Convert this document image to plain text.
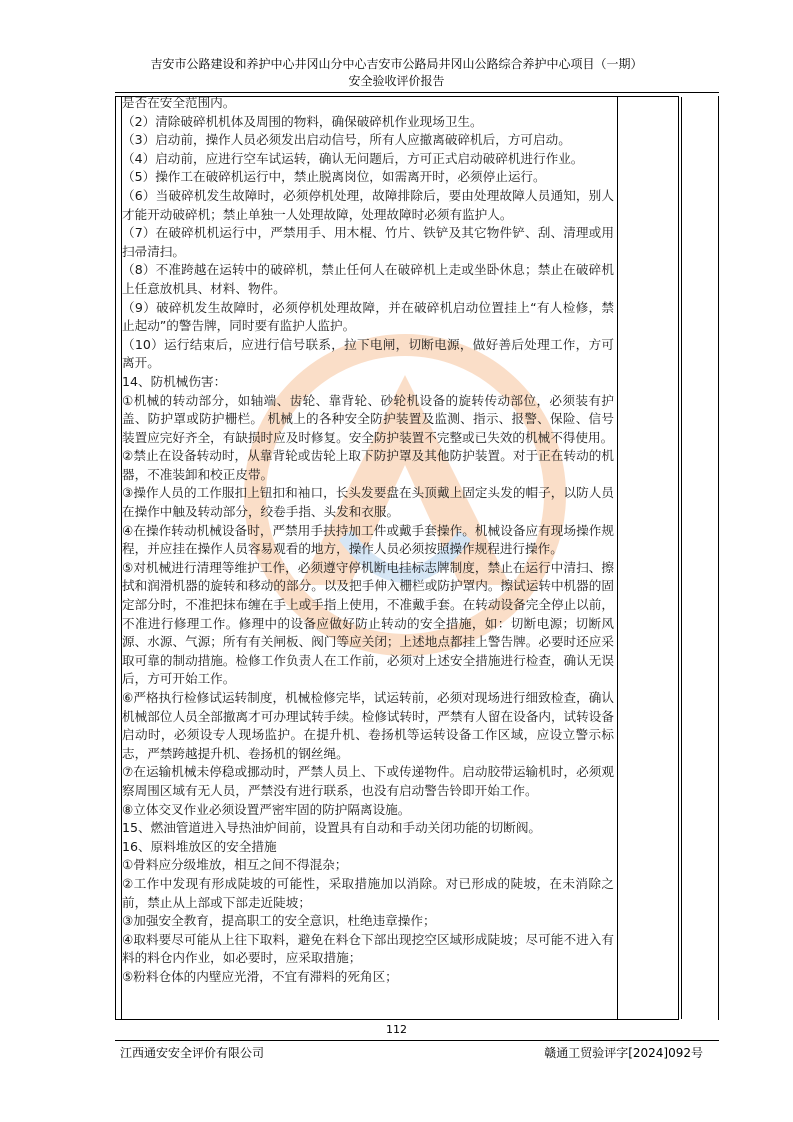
吉安市公路建设和养护中心井冈山分中心吉安市公路局井冈山公路综合养护中心项目（一期）
安全验收评价报告

是否在安全范围内。

（2）清除破碎机机体及周围的物料，确保破碎机作业现场卫生。

（3）启动前，操作人员必须发出启动信号，所有人应撤离破碎机后，方可启动。

（4）启动前，应进行空车试运转，确认无问题后，方可正式启动破碎机进行作业。

（5）操作工在破碎机运行中，禁止脱离岗位，如需离开时，必须停止运行。

（6）当破碎机发生故障时，必须停机处理，故障排除后，要由处理故障人员通知，别人才能开动破碎机；禁止单独一人处理故障，处理故障时必须有监护人。

（7）在破碎机机运行中，严禁用手、用木棍、竹片、铁铲及其它物件铲、刮、清理或用扫帚清扫。

（8）不准跨越在运转中的破碎机，禁止任何人在破碎机上走或坐卧休息；禁止在破碎机上任意放机具、材料、物件。

（9）破碎机发生故障时，必须停机处理故障，并在破碎机启动位置挂上“有人检修，禁止起动”的警告牌，同时要有监护人监护。

（10）运行结束后，应进行信号联系，拉下电闸，切断电源，做好善后处理工作，方可离开。

14、防机械伤害：

①机械的转动部分，如轴端、齿轮、靠背轮、砂轮机设备的旋转传动部位，必须装有护盖、防护罩或防护栅栏。 机械上的各种安全防护装置及监测、指示、报警、保险、信号装置应完好齐全，有缺损时应及时修复。安全防护装置不完整或已失效的机械不得使用。

②禁止在设备转动时，从靠背轮或齿轮上取下防护罩及其他防护装置。对于正在转动的机器，不准装卸和校正皮带。

③操作人员的工作服扣上钮扣和袖口，长头发要盘在头顶戴上固定头发的帽子，以防人员在操作中触及转动部分，绞卷手指、头发和衣服。

④在操作转动机械设备时，严禁用手扶持加工件或戴手套操作。机械设备应有现场操作规程，并应挂在操作人员容易观看的地方，操作人员必须按照操作规程进行操作。

⑤对机械进行清理等维护工作，必须遵守停机断电挂标志牌制度，禁止在运行中清扫、擦拭和润滑机器的旋转和移动的部分。以及把手伸入栅栏或防护罩内。擦试运转中机器的固定部分时，不准把抹布缠在手上或手指上使用，不准戴手套。在转动设备完全停止以前，不准进行修理工作。修理中的设备应做好防止转动的安全措施，如：切断电源；切断风源、水源、气源；所有有关闸板、阀门等应关闭；上述地点都挂上警告牌。必要时还应采取可靠的制动措施。检修工作负责人在工作前，必须对上述安全措施进行检查，确认无误后，方可开始工作。

⑥严格执行检修试运转制度，机械检修完毕，试运转前，必须对现场进行细致检查，确认机械部位人员全部撤离才可办理试转手续。检修试转时，严禁有人留在设备内，试转设备启动时，必须设专人现场监护。在提升机、卷扬机等运转设备工作区域，应设立警示标志，严禁跨越提升机、卷扬机的钢丝绳。

⑦在运输机械未停稳或挪动时，严禁人员上、下或传递物件。启动胶带运输机时，必须观察周围区域有无人员，严禁没有进行联系，也没有启动警告铃即开始工作。

⑧立体交叉作业必须设置严密牢固的防护隔离设施。

15、燃油管道进入导热油炉间前，设置具有自动和手动关闭功能的切断阀。

16、原料堆放区的安全措施

①骨料应分级堆放，相互之间不得混杂；

②工作中发现有形成陡坡的可能性，采取措施加以消除。对已形成的陡坡，在未消除之前，禁止从上部或下部走近陡坡；

③加强安全教育，提高职工的安全意识，杜绝违章操作；

④取料要尽可能从上往下取料，避免在料仓下部出现挖空区域形成陡坡；尽可能不进入有料的料仓内作业，如必要时，应采取措施；

⑤粉料仓体的内壁应光滑，不宜有滞料的死角区；

112
江西通安安全评价有限公司	赣通工贸验评字[2024]092号
